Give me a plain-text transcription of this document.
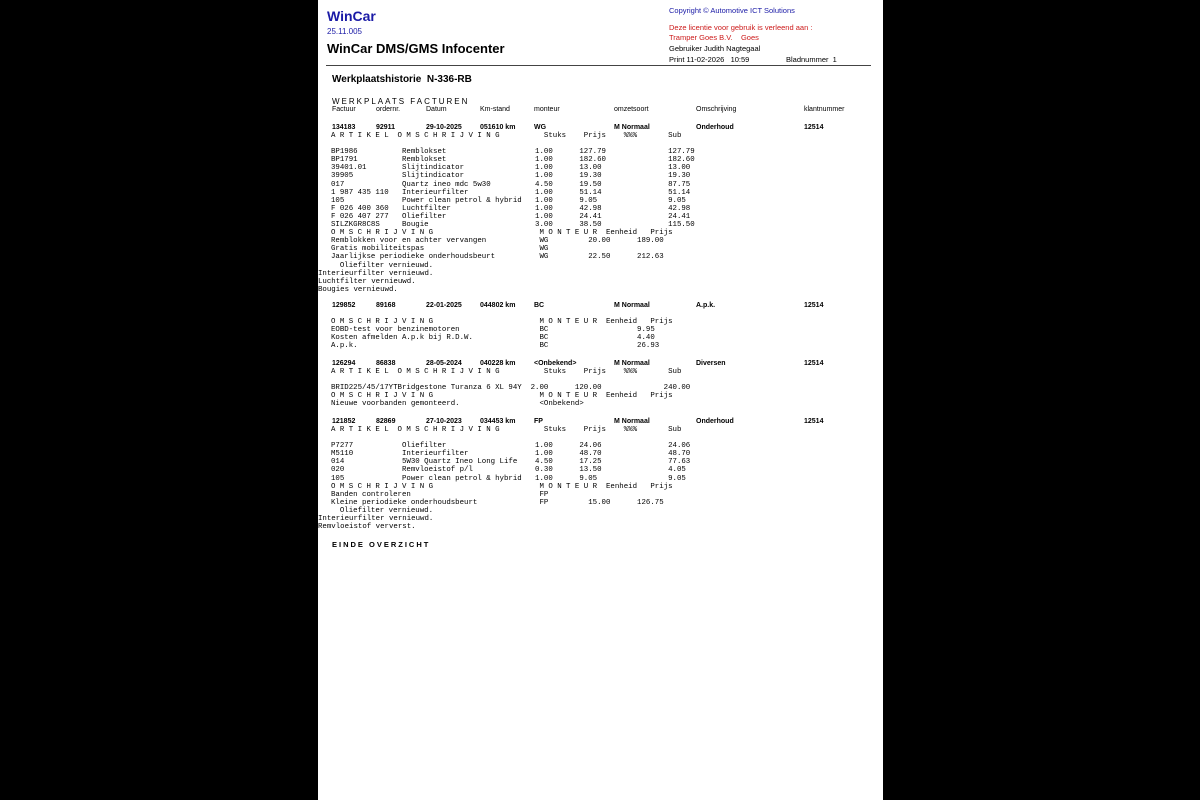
WinCar
25.11.005
WinCar DMS/GMS Infocenter
Copyright © Automotive ICT Solutions
Deze licentie voor gebruik is verleend aan :
Tramper Goes B.V.    Goes
Gebruiker Judith Nagtegaal
Print 11-02-2026   10:59	Bladnummer  1
Werkplaatshistorie  N-336-RB
WERKPLAATS FACTUREN
Factuur	ordernr.	Datum	Km-stand	monteur	omzetsoort	Omschrijving	klantnummer
134183	92911	29-10-2025	051610 km	WG	M Normaal	Onderhoud	12514
A R T I K E L  O M S C H R I J V I N G          Stuks    Prijs    %%%       Sub
BP1986          Remblokset                    1.00      127.79              127.79
BP1791          Remblokset                    1.00      182.60              182.60
39401.01        Slijtindicator                1.00      13.00               13.00
39905           Slijtindicator                1.00      19.30               19.30
017             Quartz ineo mdc 5w30          4.50      19.50               87.75
1 987 435 110   Interieurfilter               1.00      51.14               51.14
105             Power clean petrol & hybrid   1.00      9.05                9.05
F 026 400 360   Luchtfilter                   1.00      42.98               42.98
F 026 407 277   Oliefilter                    1.00      24.41               24.41
SILZKGR8C8S     Bougie                        3.00      38.50               115.50
O M S C H R I J V I N G                        M O N T E U R  Eenheid   Prijs
Remblokken voor en achter vervangen            WG         20.00      189.00
Gratis mobiliteitspas                          WG
Jaarlijkse periodieke onderhoudsbeurt          WG         22.50      212.63
Oliefilter vernieuwd.
Interieurfilter vernieuwd.
Luchtfilter vernieuwd.
Bougies vernieuwd.
129852	89168	22-01-2025	044802 km	BC	M Normaal	A.p.k.	12514
O M S C H R I J V I N G                        M O N T E U R  Eenheid   Prijs
EOBD-test voor benzinemotoren                  BC                    9.95
Kosten afmelden A.p.k bij R.D.W.               BC                    4.40
A.p.k.                                         BC                    26.93
126294	86838	28-05-2024	040228 km	<Onbekend>	M Normaal	Diversen	12514
A R T I K E L  O M S C H R I J V I N G          Stuks    Prijs    %%%       Sub
BRID225/45/17YTBridgestone Turanza 6 XL 94Y  2.00      120.00              240.00
O M S C H R I J V I N G                        M O N T E U R  Eenheid   Prijs
Nieuwe voorbanden gemonteerd.                  <Onbekend>
121852	82869	27-10-2023	034453 km	FP	M Normaal	Onderhoud	12514
A R T I K E L  O M S C H R I J V I N G          Stuks    Prijs    %%%       Sub
P7277           Oliefilter                    1.00      24.06               24.06
M5110           Interieurfilter               1.00      48.70               48.70
014             5W30 Quartz Ineo Long Life    4.50      17.25               77.63
020             Remvloeistof p/l              0.30      13.50               4.05
105             Power clean petrol & hybrid   1.00      9.05                9.05
O M S C H R I J V I N G                        M O N T E U R  Eenheid   Prijs
Banden controleren                             FP
Kleine periodieke onderhoudsbeurt              FP         15.00      126.75
Oliefilter vernieuwd.
Interieurfilter vernieuwd.
Remvloeistof ververst.
EINDE OVERZICHT
